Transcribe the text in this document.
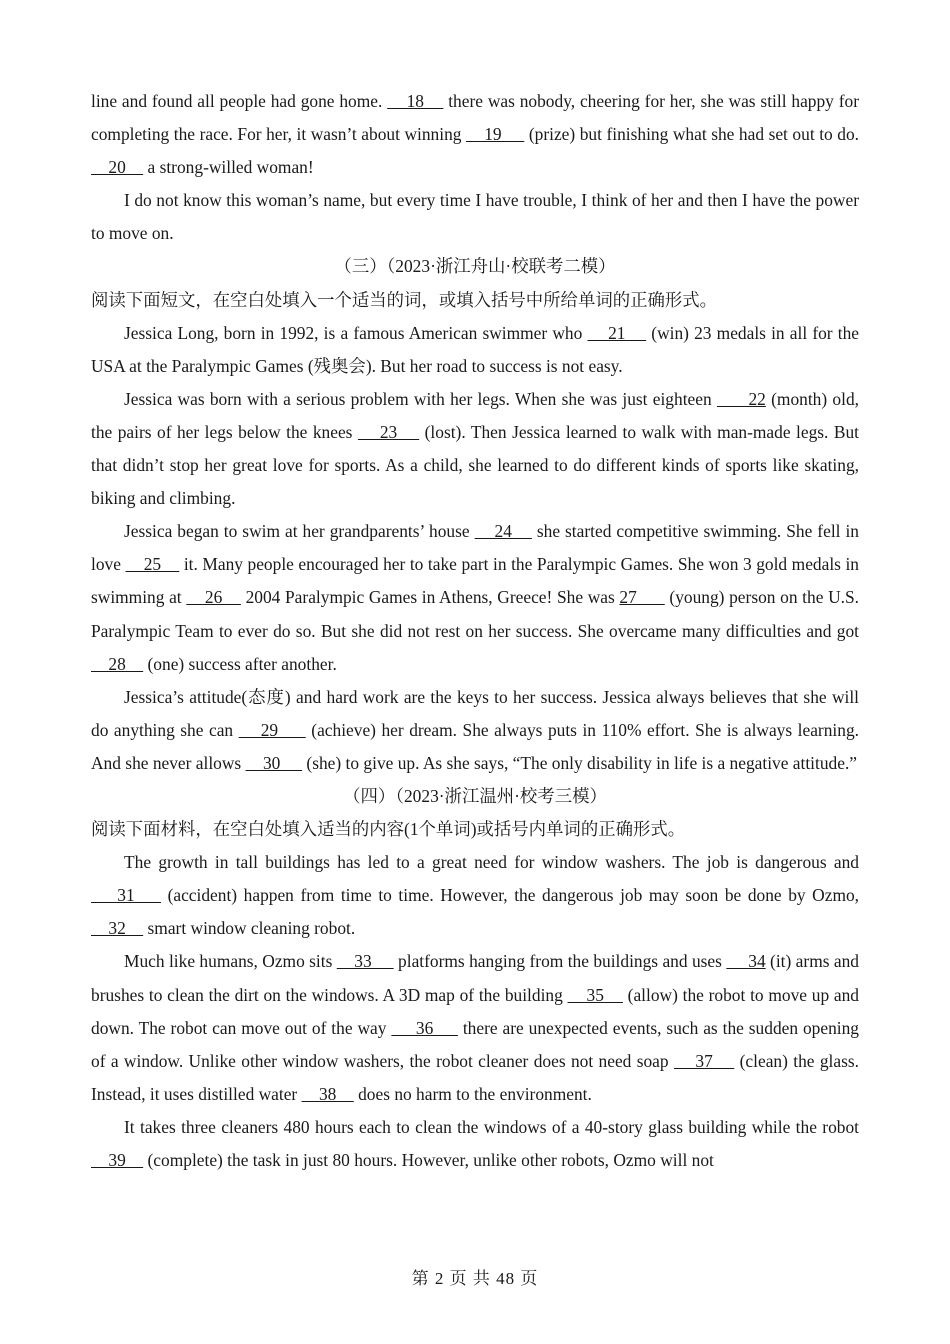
line and found all people had gone home.     18     there was nobody, cheering for her, she was still happy for completing the race. For her, it wasn’t about winning     19      (prize) but finishing what she had set out to do.     20     a strong-willed woman!

I do not know this woman’s name, but every time I have trouble, I think of her and then I have the power to move on.

（三）（2023·浙江舟山·校联考二模）

阅读下面短文，在空白处填入一个适当的词，或填入括号中所给单词的正确形式。

Jessica Long, born in 1992, is a famous American swimmer who     21     (win) 23 medals in all for the USA at the Paralympic Games (残奥会). But her road to success is not easy.

Jessica was born with a serious problem with her legs. When she was just eighteen       22 (month) old, the pairs of her legs below the knees     23     (lost). Then Jessica learned to walk with man-made legs. But that didn’t stop her great love for sports. As a child, she learned to do different kinds of sports like skating, biking and climbing.

Jessica began to swim at her grandparents’ house     24     she started competitive swimming. She fell in love     25     it. Many people encouraged her to take part in the Paralympic Games. She won 3 gold medals in swimming at     26     2004 Paralympic Games in Athens, Greece! She was 27       (young) person on the U.S. Paralympic Team to ever do so. But she did not rest on her success. She overcame many difficulties and got     28     (one) success after another.

Jessica’s attitude(态度) and hard work are the keys to her success. Jessica always believes that she will do anything she can     29      (achieve) her dream. She always puts in 110% effort. She is always learning. And she never allows     30      (she) to give up. As she says, “The only disability in life is a negative attitude.”

（四）（2023·浙江温州·校考三模）

阅读下面材料，在空白处填入适当的内容(1个单词)或括号内单词的正确形式。

The growth in tall buildings has led to a great need for window washers. The job is dangerous and     31     (accident) happen from time to time. However, the dangerous job may soon be done by Ozmo,     32     smart window cleaning robot.

Much like humans, Ozmo sits     33      platforms hanging from the buildings and uses      34 (it) arms and brushes to clean the dirt on the windows. A 3D map of the building     35     (allow) the robot to move up and down. The robot can move out of the way      36      there are unexpected events, such as the sudden opening of a window. Unlike other window washers, the robot cleaner does not need soap     37     (clean) the glass. Instead, it uses distilled water     38     does no harm to the environment.

It takes three cleaners 480 hours each to clean the windows of a 40-story glass building while the robot     39     (complete) the task in just 80 hours. However, unlike other robots, Ozmo will not

第 2 页 共 48 页
